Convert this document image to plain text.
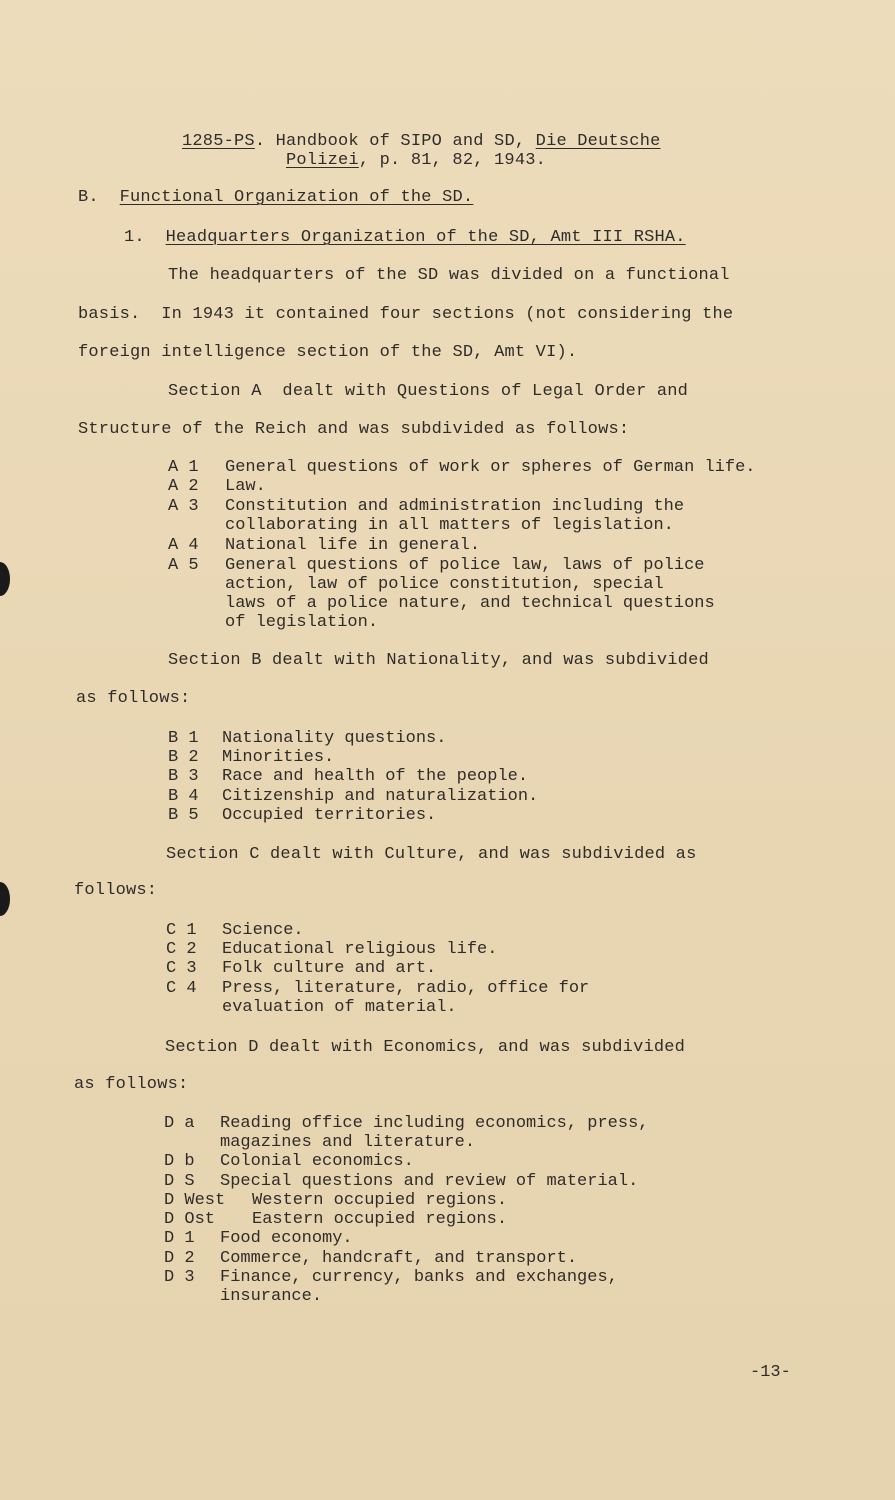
1285-PS. Handbook of SIPO and SD, Die Deutsche
Polizei, p. 81, 82, 1943.
B. Functional Organization of the SD.
1. Headquarters Organization of the SD, Amt III RSHA.
The headquarters of the SD was divided on a functional
basis.  In 1943 it contained four sections (not considering the
foreign intelligence section of the SD, Amt VI).
Section A  dealt with Questions of Legal Order and
Structure of the Reich and was subdivided as follows:
A 1 General questions of work or spheres of German life.
A 2 Law.
A 3 Constitution and administration including the
collaborating in all matters of legislation.
A 4 National life in general.
A 5 General questions of police law, laws of police
action, law of police constitution, special
laws of a police nature, and technical questions
of legislation.
Section B dealt with Nationality, and was subdivided
as follows:
B 1 Nationality questions.
B 2 Minorities.
B 3 Race and health of the people.
B 4 Citizenship and naturalization.
B 5 Occupied territories.
Section C dealt with Culture, and was subdivided as
follows:
C 1 Science.
C 2 Educational religious life.
C 3 Folk culture and art.
C 4 Press, literature, radio, office for
evaluation of material.
Section D dealt with Economics, and was subdivided
as follows:
D a Reading office including economics, press,
magazines and literature.
D b Colonial economics.
D S Special questions and review of material.
D West Western occupied regions.
D Ost Eastern occupied regions.
D 1 Food economy.
D 2 Commerce, handcraft, and transport.
D 3 Finance, currency, banks and exchanges,
insurance.
-13-
